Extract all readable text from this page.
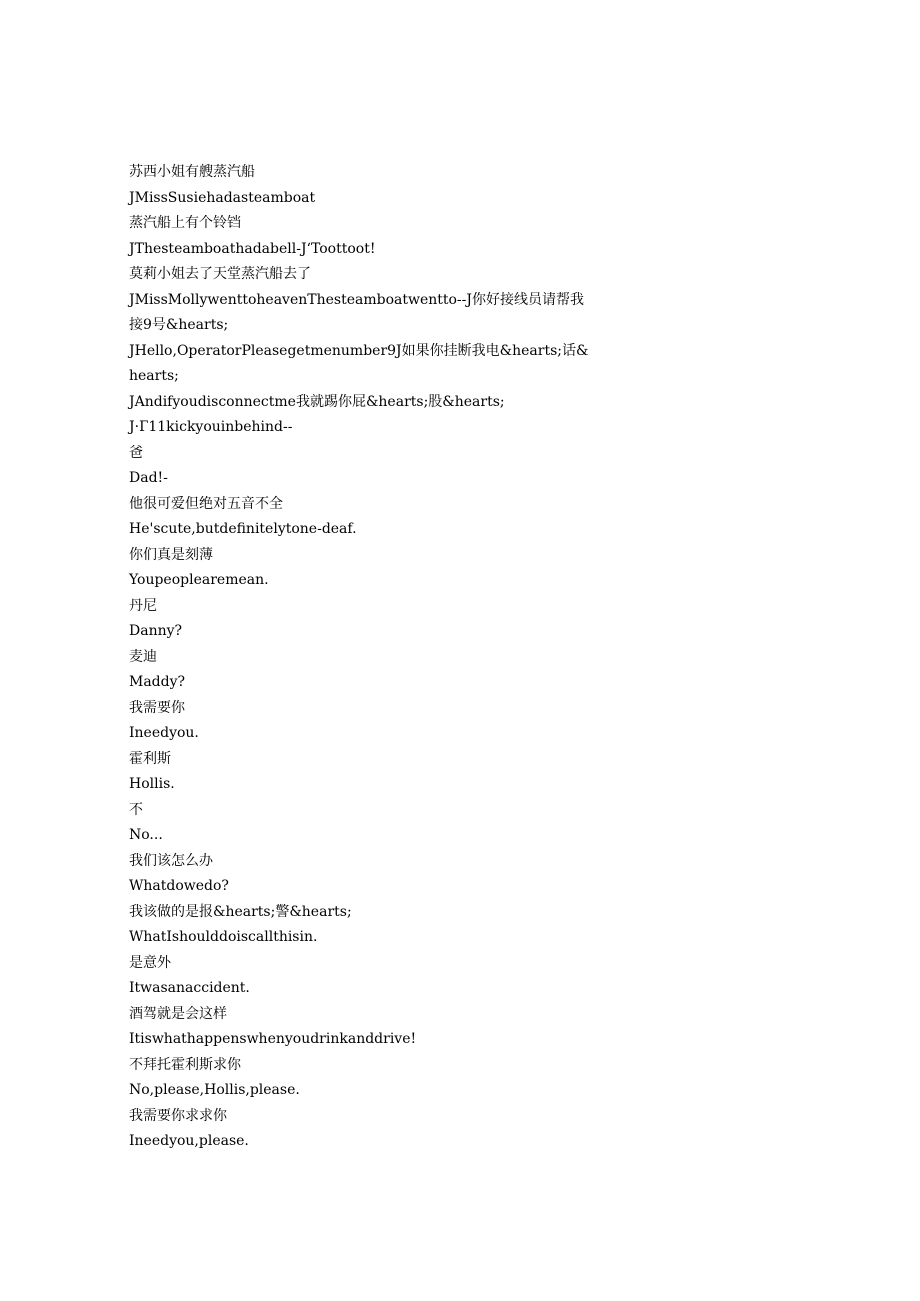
苏西小姐有艘蒸汽船

JMissSusiehadasteamboat

蒸汽船上有个铃铛

JThesteamboathadabell-JʻToottoot!

莫莉小姐去了天堂蒸汽船去了

JMissMollywenttoheavenThesteamboatwentto--J你好接线员请帮我接9号&hearts;

JHello,OperatorPleasegetmenumber9J如果你挂断我电&hearts;话&hearts;

JAndifyoudisconnectme我就踢你屁&hearts;股&hearts;

J·Г11kickyouinbehind--

爸

Dad!-

他很可爱但绝对五音不全

He'scute,butdefinitelytone-deaf.

你们真是刻薄

Youpeoplearemean.

丹尼

Danny?

麦迪

Maddy?

我需要你

Ineedyou.

霍利斯

Hollis.

不

No...

我们该怎么办

Whatdowedo?

我该做的是报&hearts;警&hearts;

WhatIshoulddoiscallthisin.

是意外

Itwasanaccident.

酒驾就是会这样

Itiswhathappenswhenyoudrinkanddrive!

不拜托霍利斯求你

No,please,Hollis,please.

我需要你求求你

Ineedyou,please.
